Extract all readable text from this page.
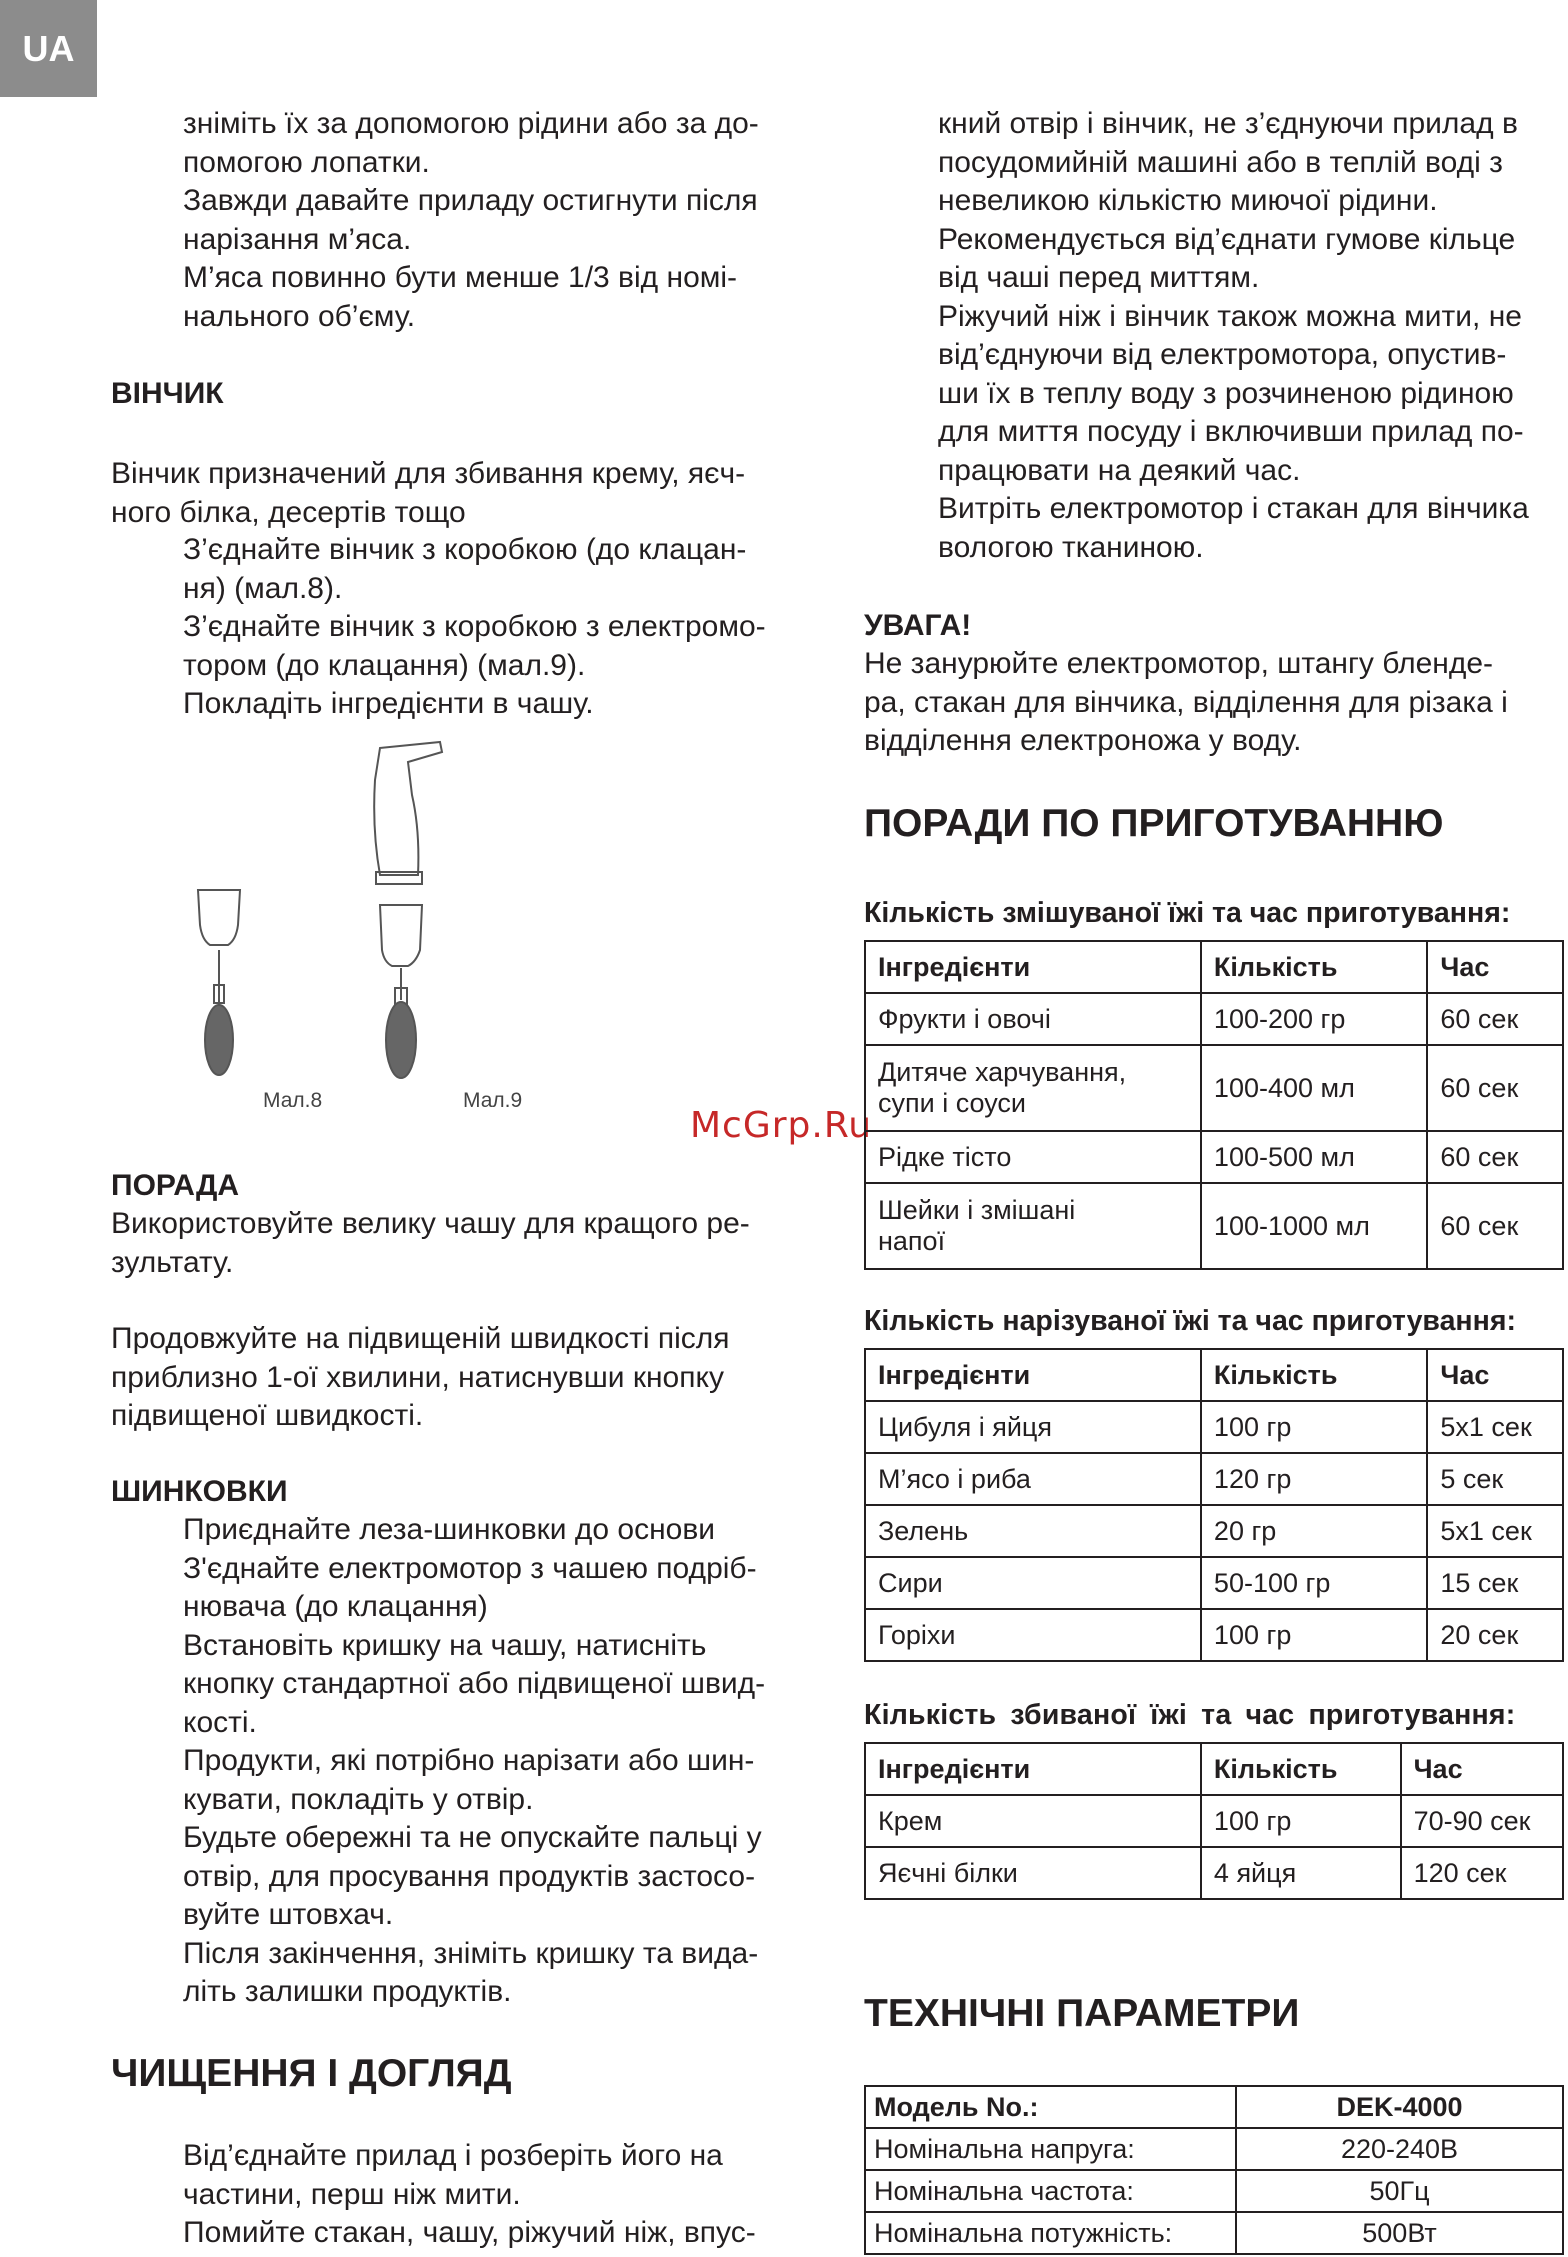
UA

зніміть їх за допомогою рідини або за до-

помогою лопатки.

Завжди давайте приладу остигнути після

нарізання м’яса.

М’яса повинно бути менше 1/3 від номі-

нального об’єму.

ВІНЧИК

Вінчик призначений для збивання крему, яєч-

ного білка, десертів тощо

З’єднайте вінчик з коробкою (до клацан-

ня) (мал.8).

З’єднайте вінчик з коробкою з електромо-

тором (до клацання) (мал.9).

Покладіть інгредієнти в чашу.

Мал.8	Мал.9
McGrp.Ru

ПОРАДА

Використовуйте велику чашу для кращого ре-

зультату.

Продовжуйте на підвищеній швидкості після

приблизно 1-ої хвилини, натиснувши кнопку

підвищеної швидкості.

ШИНКОВКИ

Приєднайте леза-шинковки до основи

З'єднайте електромотор з чашею подріб-

нювача (до клацання)

Встановіть кришку на чашу, натисніть

кнопку стандартної або підвищеної швид-

кості.

Продукти, які потрібно нарізати або шин-

кувати, покладіть у отвір.

Будьте обережні та не опускайте пальці у

отвір, для просування продуктів застосо-

вуйте штовхач.

Після закінчення, зніміть кришку та вида-

літь залишки продуктів.

ЧИЩЕННЯ І ДОГЛЯД

Від’єднайте прилад і розберіть його на

частини, перш ніж мити.

Помийте стакан, чашу, ріжучий ніж, впус-

кний отвір і вінчик, не з’єднуючи прилад в

посудомийній машині або в теплій воді з

невеликою кількістю миючої рідини.

Рекомендується від’єднати гумове кільце

від чаші перед миттям.

Ріжучий ніж і вінчик також можна мити, не

від’єднуючи від електромотора, опустив-

ши їх в теплу воду з розчиненою рідиною

для миття посуду і включивши прилад по-

працювати на деякий час.

Витріть електромотор і стакан для вінчика

вологою тканиною.

УВАГА!

Не занурюйте електромотор, штангу бленде-

ра, стакан для вінчика, відділення для різака і

відділення електроножа у воду.

ПОРАДИ ПО ПРИГОТУВАННЮ

Кількість змішуваної їжі та час приготування:

Інгредієнти	Кількість	Час
Фрукти і овочі	100-200 гр	60 сек
Дитяче харчування,
супи і соуси	100-400 мл	60 сек
Рідке тісто	100-500 мл	60 сек
Шейки і змішані
напої	100-1000 мл	60 сек

Кількість нарізуваної їжі та час приготування:

Інгредієнти	Кількість	Час
Цибуля і яйця	100 гр	5x1 сек
М’ясо і риба	120 гр	5 сек
Зелень	20 гр	5x1 сек
Сири	50-100 гр	15 сек
Горіхи	100 гр	20 сек

Кількість збиваної їжі та час приготування:

Інгредієнти	Кількість	Час
Крем	100 гр	70-90 сек
Яєчні білки	4 яйця	120 сек

ТЕХНІЧНІ ПАРАМЕТРИ

Модель No.:	DEK-4000
Номінальна напруга:	220-240В
Номінальна частота:	50Гц
Номінальна потужність:	500Вт
